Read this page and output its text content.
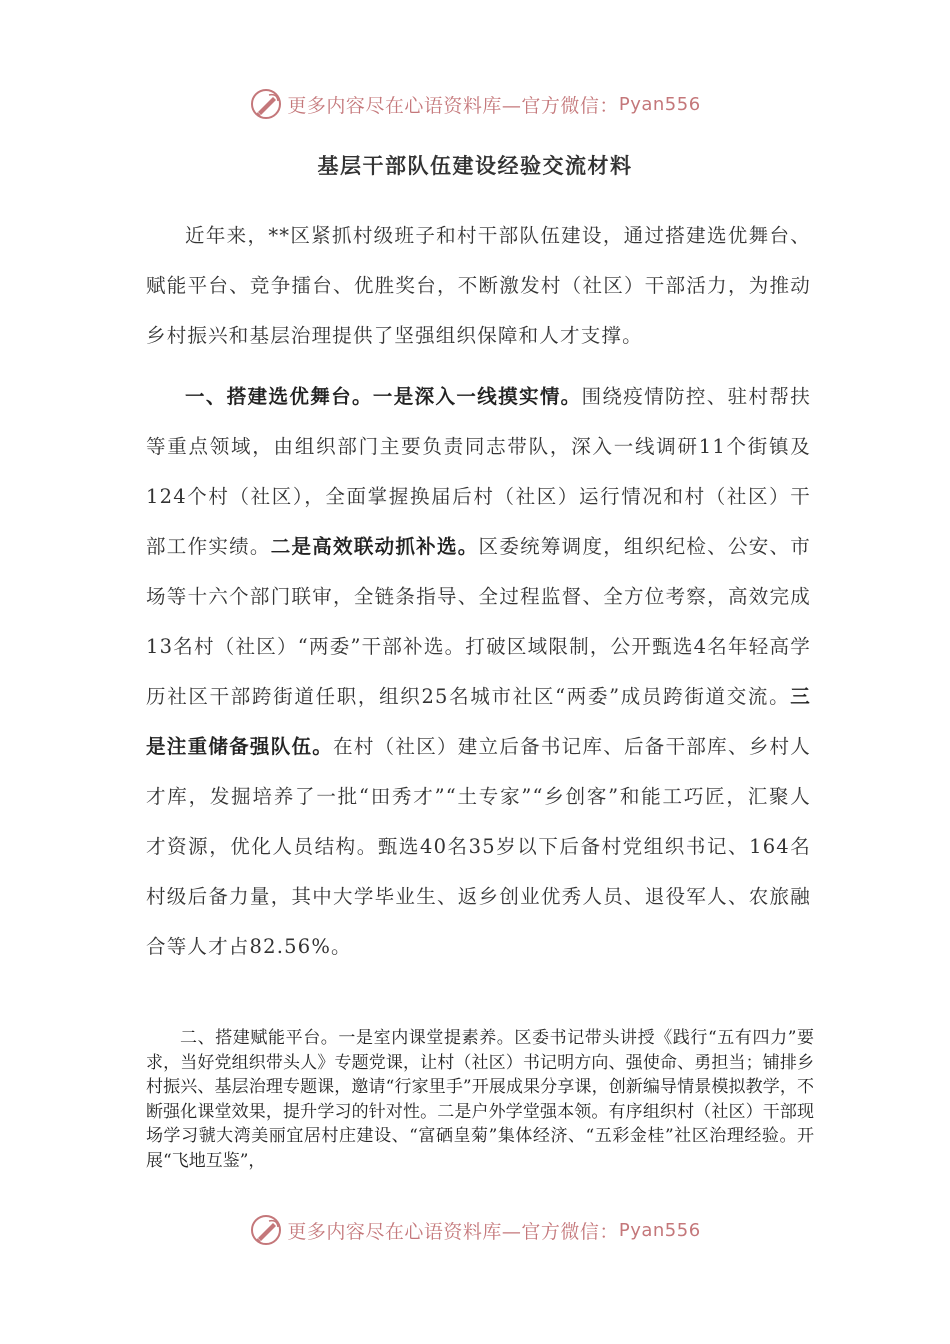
更多内容尽在心语资料库—官方微信： Pyan556
基层干部队伍建设经验交流材料

近年来，**区紧抓村级班子和村干部队伍建设，通过搭建选优舞台、赋能平台、竞争擂台、优胜奖台，不断激发村（社区）干部活力，为推动乡村振兴和基层治理提供了坚强组织保障和人才支撑。

一、搭建选优舞台。一是深入一线摸实情。围绕疫情防控、驻村帮扶等重点领域，由组织部门主要负责同志带队，深入一线调研11个街镇及124个村（社区），全面掌握换届后村（社区）运行情况和村（社区）干部工作实绩。二是高效联动抓补选。区委统筹调度，组织纪检、公安、市场等十六个部门联审，全链条指导、全过程监督、全方位考察，高效完成13名村（社区）“两委”干部补选。打破区域限制，公开甄选4名年轻高学历社区干部跨街道任职，组织25名城市社区“两委”成员跨街道交流。三是注重储备强队伍。在村（社区）建立后备书记库、后备干部库、乡村人才库，发掘培养了一批“田秀才”“土专家”“乡创客”和能工巧匠，汇聚人才资源，优化人员结构。甄选40名35岁以下后备村党组织书记、164名村级后备力量，其中大学毕业生、返乡创业优秀人员、退役军人、农旅融合等人才占82.56%。

二、搭建赋能平台。一是室内课堂提素养。区委书记带头讲授《践行“五有四力”要求，当好党组织带头人》专题党课，让村（社区）书记明方向、强使命、勇担当；铺排乡村振兴、基层治理专题课，邀请“行家里手”开展成果分享课，创新编导情景模拟教学，不断强化课堂效果，提升学习的针对性。二是户外学堂强本领。有序组织村（社区）干部现场学习虢大湾美丽宜居村庄建设、“富硒皇菊”集体经济、“五彩金桂”社区治理经验。开展“飞地互鉴”，

更多内容尽在心语资料库—官方微信： Pyan556
